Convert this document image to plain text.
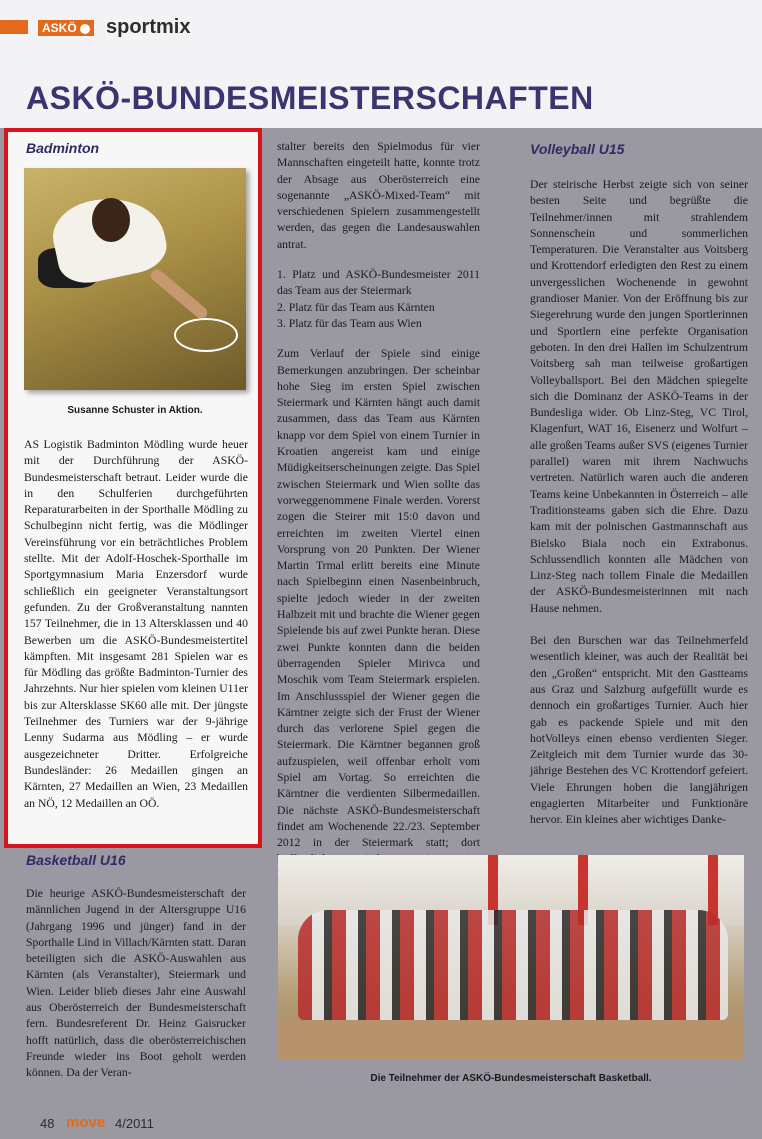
ASKÖ	sportmix
ASKÖ-BUNDESMEISTERSCHAFTEN
Badminton
Susanne Schuster in Aktion.

AS Logistik Badminton Mödling wurde heuer mit der Durchführung der ASKÖ-Bundesmeisterschaft betraut. Leider wurde die in den Schulferien durchgeführten Reparaturarbeiten in der Sporthalle Mödling zu Schulbeginn nicht fertig, was die Mödlinger Vereinsführung vor ein beträchtliches Problem stellte. Mit der Adolf-Hoschek-Sporthalle im Sportgymnasium Maria Enzersdorf wurde schließlich ein geeigneter Veranstaltungsort gefunden. Zu der Großveranstaltung nannten 157 Teilnehmer, die in 13 Altersklassen und 40 Bewerben um die ASKÖ-Bundesmeistertitel kämpften. Mit insgesamt 281 Spielen war es für Mödling das größte Badminton-Turnier des Jahrzehnts. Nur hier spielen vom kleinen U11er bis zur Altersklasse SK60 alle mit. Der jüngste Teilnehmer des Turniers war der 9-jährige Lenny Sudarma aus Mödling – er wurde ausgezeichneter Dritter. Erfolgreiche Bundesländer: 26 Medaillen gingen an Kärnten, 27 Medaillen an Wien, 23 Medaillen an NÖ, 12 Medaillen an OÖ.

stalter bereits den Spielmodus für vier Mannschaften eingeteilt hatte, konnte trotz der Absage aus Oberösterreich eine sogenannte „ASKÖ-Mixed-Team“ mit verschiedenen Spielern zusammengestellt werden, das gegen die Landesauswahlen antrat.

1. Platz und ASKÖ-Bundesmeister 2011 das Team aus der Steiermark
2. Platz für das Team aus Kärnten
3. Platz für das Team aus Wien

Zum Verlauf der Spiele sind einige Bemerkungen anzubringen. Der scheinbar hohe Sieg im ersten Spiel zwischen Steiermark und Kärnten hängt auch damit zusammen, dass das Team aus Kärnten knapp vor dem Spiel von einem Turnier in Kroatien angereist kam und einige Müdigkeitserscheinungen zeigte. Das Spiel zwischen Steiermark und Wien sollte das vorweggenommene Finale werden. Vorerst zogen die Steirer mit 15:0 davon und erreichten im zweiten Viertel einen Vorsprung von 20 Punkten. Der Wiener Martin Trmal erlitt bereits eine Minute nach Spielbeginn einen Nasenbeinbruch, spielte jedoch wieder in der zweiten Halbzeit mit und brachte die Wiener gegen Spielende bis auf zwei Punkte heran. Diese zwei Punkte konnten dann die beiden überragenden Spieler Mirivca und Moschik vom Team Steiermark erspielen. Im Anschlussspiel der Wiener gegen die Kärntner zeigte sich der Frust der Wiener durch das verlorene Spiel gegen die Steiermark. Die Kärntner begannen groß aufzuspielen, weil offenbar erholt vom Spiel am Vortag. So erreichten die Kärntner die verdienten Silbermedaillen. Die nächste ASKÖ-Bundesmeisterschaft findet am Wochenende 22./23. September 2012 in der Steiermark statt; dort

Volleyball U15

Der steirische Herbst zeigte sich von seiner besten Seite und begrüßte die Teilnehmer/innen mit strahlendem Sonnenschein und sommerlichen Temperaturen. Die Veranstalter aus Voitsberg und Krottendorf erledigten den Rest zu einem unvergesslichen Wochenende in gewohnt grandioser Manier. Von der Eröffnung bis zur Siegerehrung wurde den jungen Sportlerinnen und Sportlern eine perfekte Organisation geboten. In den drei Hallen im Schulzentrum Voitsberg sah man teilweise großartigen Volleyballsport. Bei den Mädchen spiegelte sich die Dominanz der ASKÖ-Teams in der Bundesliga wider. Ob Linz-Steg, VC Tirol, Klagenfurt, WAT 16, Eisenerz und Wolfurt – alle großen Teams außer SVS (eigenes Turnier parallel) waren mit ihrem Nachwuchs vertreten. Natürlich waren auch die anderen Teams keine Unbekannten in Österreich – alle Traditionsteams gaben sich die Ehre. Dazu kam mit der polnischen Gastmannschaft aus Bielsko Biala noch ein Extrabonus. Schlussendlich konnten alle Mädchen von Linz-Steg nach tollem Finale die Medaillen der ASKÖ-Bundesmeisterinnen mit nach Hause nehmen.

Bei den Burschen war das Teilnehmerfeld wesentlich kleiner, was auch der Realität bei den „Großen“ entspricht. Mit den Gastteams aus Graz und Salzburg aufgefüllt wurde es dennoch ein großartiges Turnier. Auch hier gab es packende Spiele und mit den hotVolleys einen ebenso verdienten Sieger. Zeitgleich mit dem Turnier wurde das 30-jährige Bestehen des VC Krottendorf gefeiert. Viele Ehrungen hoben die langjährigen engagierten Mitarbeiter und Funktionäre hervor. Ein kleines aber wichtiges Danke-

Basketball U16

Die heurige ASKÖ-Bundesmeisterschaft der männlichen Jugend in der Altersgruppe U16 (Jahrgang 1996 und jünger) fand in der Sporthalle Lind in Villach/Kärnten statt. Daran beteiligten sich die ASKÖ-Auswahlen aus Kärnten (als Veranstalter), Steiermark und Wien. Leider blieb dieses Jahr eine Auswahl aus Oberösterreich der Bundesmeisterschaft fern. Bundesreferent Dr. Heinz Gaisrucker hofft natürlich, dass die oberösterreichischen Freunde wieder ins Boot geholt werden können. Da der Veran-	Die Teilnehmer der ASKÖ-Bundesmeisterschaft Basketball.
48 move 4/2011
